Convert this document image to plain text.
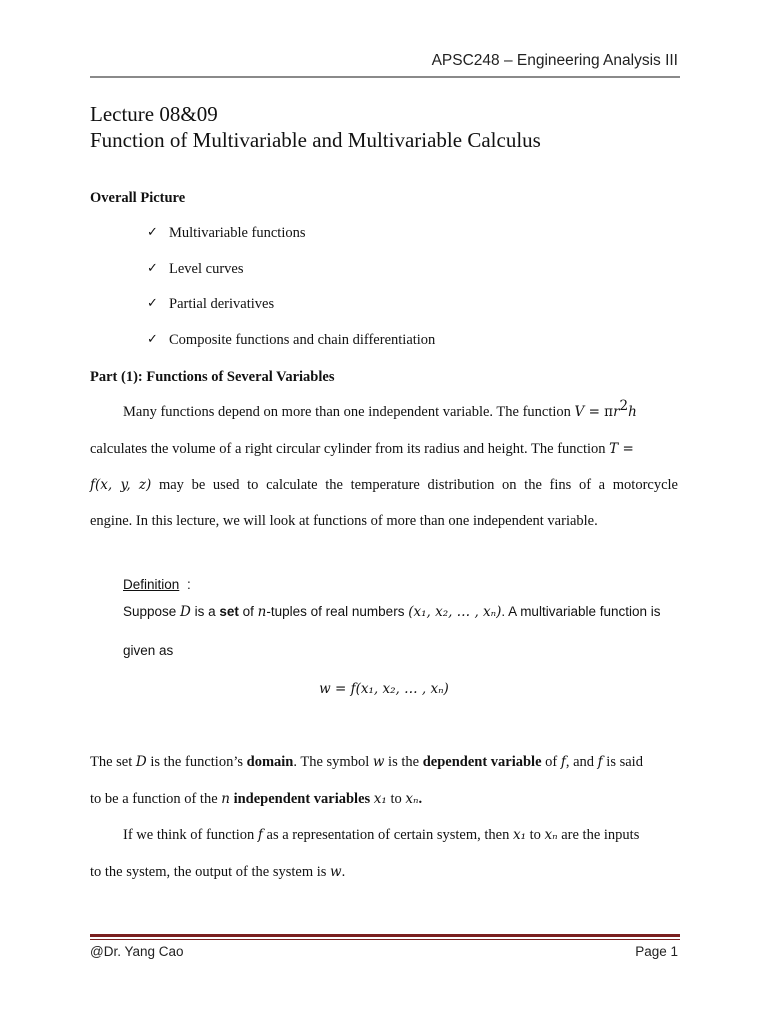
APSC248 – Engineering Analysis III
Lecture 08&09
Function of Multivariable and Multivariable Calculus
Overall Picture
✓ Multivariable functions
✓ Level curves
✓ Partial derivatives
✓ Composite functions and chain differentiation
Part (1): Functions of Several Variables
Many functions depend on more than one independent variable. The function $V = \pi r^2h$
calculates the volume of a right circular cylinder from its radius and height. The function T =
f(x, y, z) may be used to calculate the temperature distribution on the fins of a motorcycle
engine. In this lecture, we will look at functions of more than one independent variable.
Definition :
Suppose D is a set of n-tuples of real numbers (x₁, x₂, … , xₙ). A multivariable function is
given as
w = f(x₁, x₂, … , xₙ)
The set D is the function’s domain. The symbol w is the dependent variable of f, and f is said
to be a function of the n independent variables x₁ to xₙ.
If we think of function f as a representation of certain system, then x₁ to xₙ are the inputs
to the system, the output of the system is w.
@Dr. Yang Cao	Page 1
